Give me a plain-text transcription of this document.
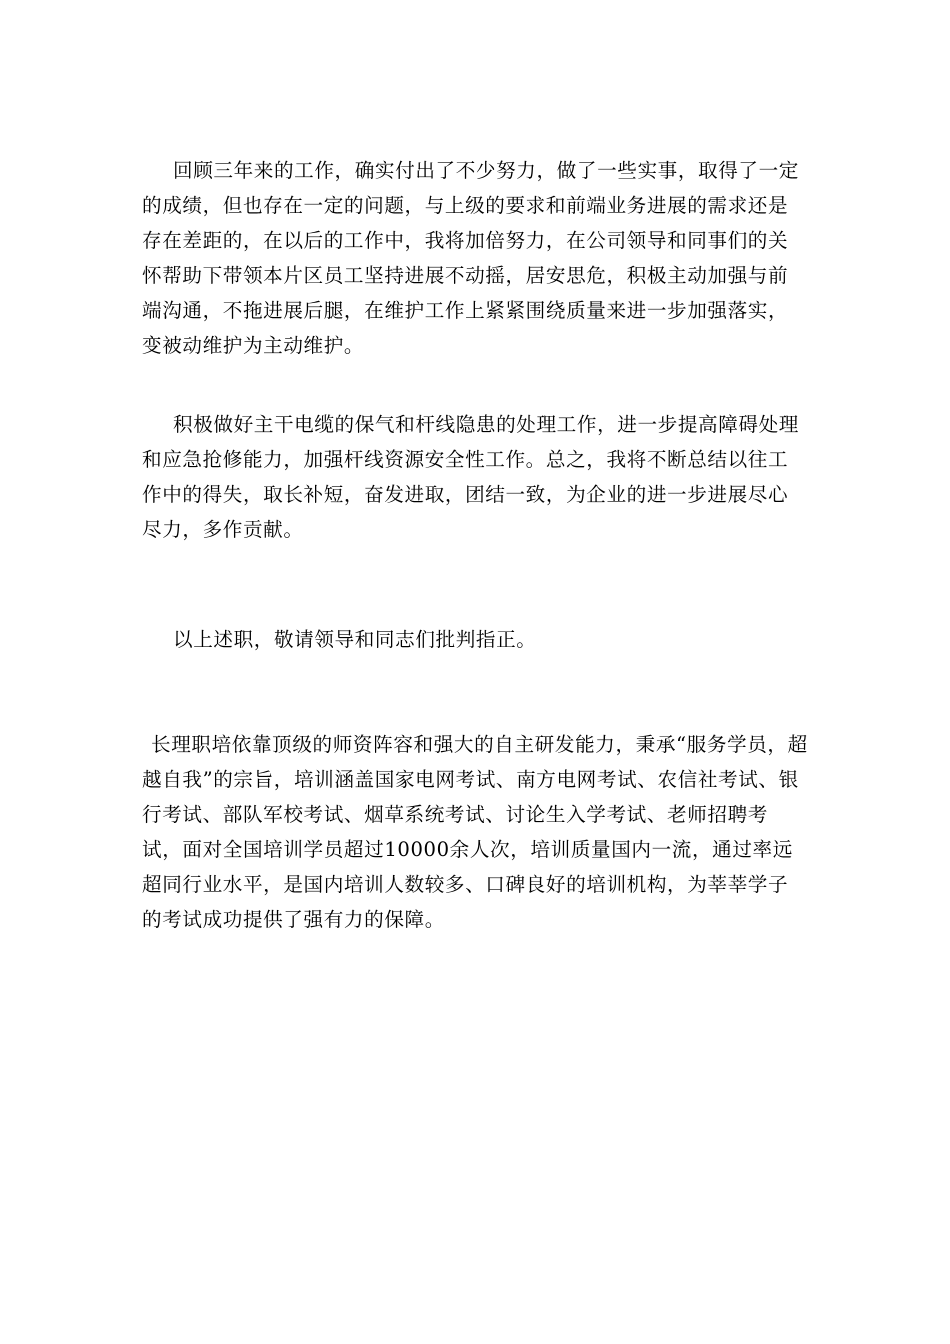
回顾三年来的工作，确实付出了不少努力，做了一些实事，取得了一定的成绩，但也存在一定的问题，与上级的要求和前端业务进展的需求还是存在差距的，在以后的工作中，我将加倍努力，在公司领导和同事们的关怀帮助下带领本片区员工坚持进展不动摇，居安思危，积极主动加强与前端沟通，不拖进展后腿，在维护工作上紧紧围绕质量来进一步加强落实，变被动维护为主动维护。

积极做好主干电缆的保气和杆线隐患的处理工作，进一步提高障碍处理和应急抢修能力，加强杆线资源安全性工作。总之，我将不断总结以往工作中的得失，取长补短，奋发进取，团结一致，为企业的进一步进展尽心尽力，多作贡献。

以上述职，敬请领导和同志们批判指正。

长理职培依靠顶级的师资阵容和强大的自主研发能力，秉承“服务学员，超越自我”的宗旨，培训涵盖国家电网考试、南方电网考试、农信社考试、银行考试、部队军校考试、烟草系统考试、讨论生入学考试、老师招聘考试，面对全国培训学员超过10000余人次，培训质量国内一流，通过率远超同行业水平，是国内培训人数较多、口碑良好的培训机构，为莘莘学子的考试成功提供了强有力的保障。
